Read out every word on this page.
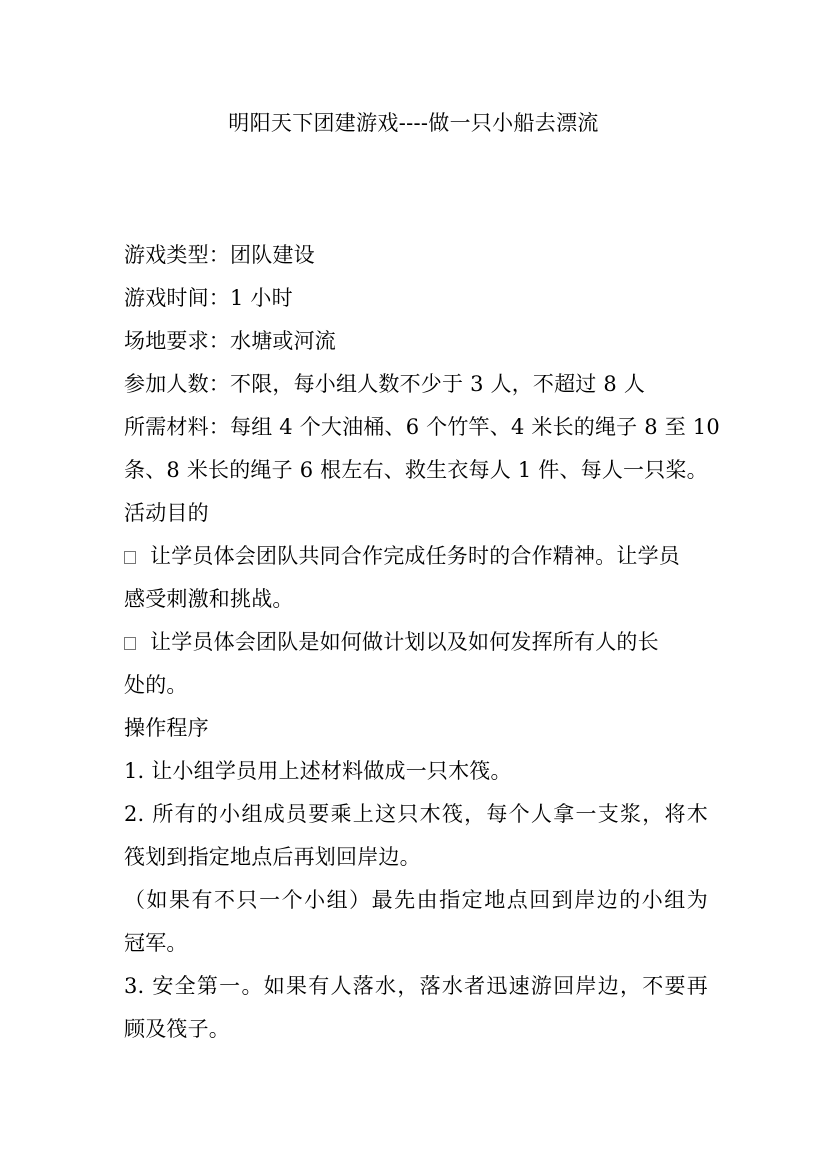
明阳天下团建游戏----做一只小船去漂流

游戏类型：团队建设

游戏时间：1 小时

场地要求：水塘或河流

参加人数：不限，每小组人数不少于 3 人，不超过 8 人

所需材料：每组 4 个大油桶、6 个竹竿、4 米长的绳子 8 至 10

条、8 米长的绳子 6 根左右、救生衣每人 1 件、每人一只桨。

活动目的

让学员体会团队共同合作完成任务时的合作精神。让学员

感受刺激和挑战。

让学员体会团队是如何做计划以及如何发挥所有人的长

处的。

操作程序

1. 让小组学员用上述材料做成一只木筏。

2. 所有的小组成员要乘上这只木筏，每个人拿一支浆，将木

筏划到指定地点后再划回岸边。

（如果有不只一个小组）最先由指定地点回到岸边的小组为

冠军。

3. 安全第一。如果有人落水，落水者迅速游回岸边，不要再

顾及筏子。
